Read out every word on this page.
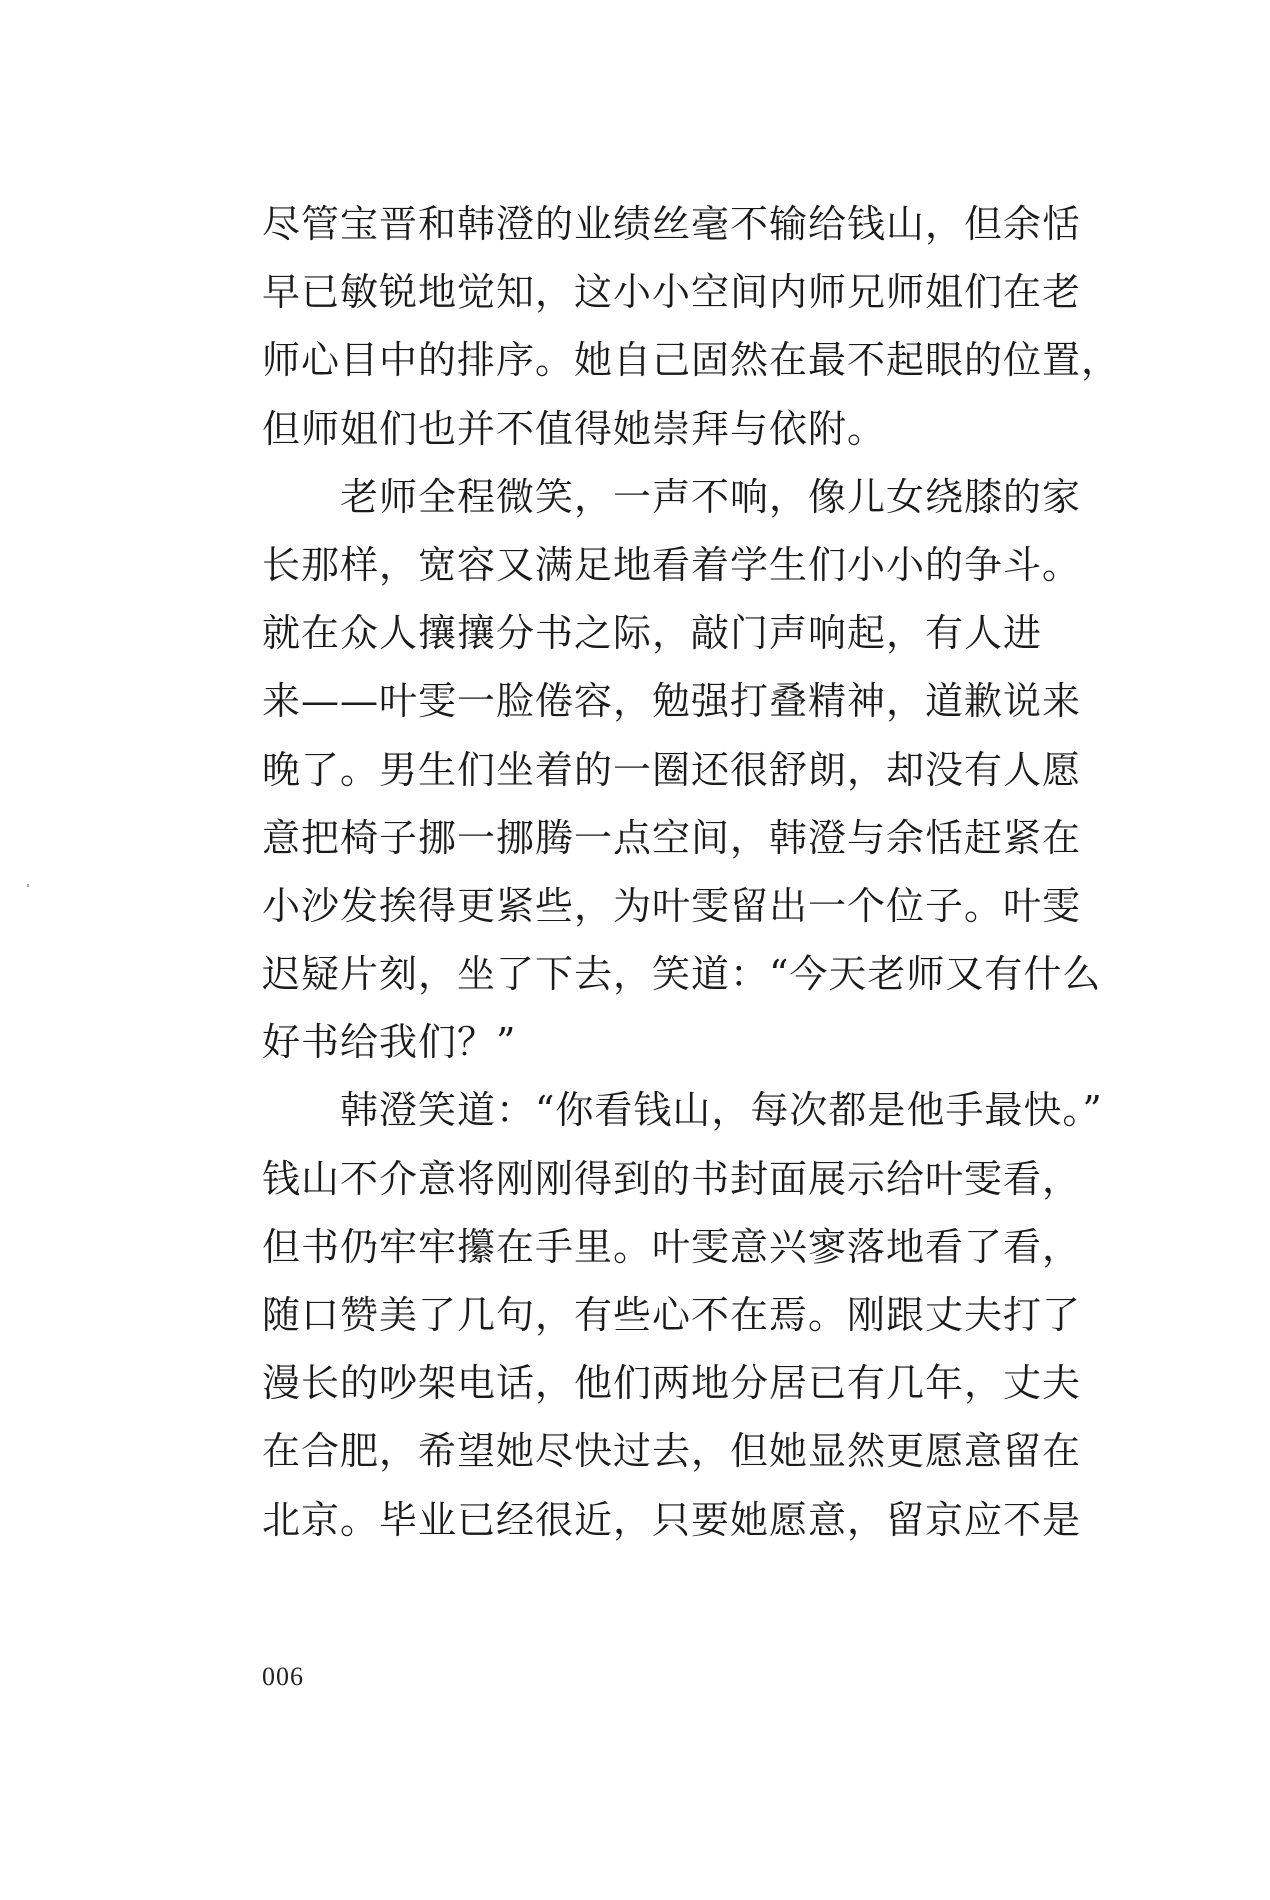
尽管宝晋和韩澄的业绩丝毫不输给钱山，但余恬
早已敏锐地觉知，这小小空间内师兄师姐们在老
师心目中的排序。她自己固然在最不起眼的位置，
但师姐们也并不值得她崇拜与依附。
　　老师全程微笑，一声不响，像儿女绕膝的家
长那样，宽容又满足地看着学生们小小的争斗。
就在众人攘攘分书之际，敲门声响起，有人进
来——叶雯一脸倦容，勉强打叠精神，道歉说来
晚了。男生们坐着的一圈还很舒朗，却没有人愿
意把椅子挪一挪腾一点空间，韩澄与余恬赶紧在
小沙发挨得更紧些，为叶雯留出一个位子。叶雯
迟疑片刻，坐了下去，笑道：“今天老师又有什么
好书给我们？”
　　韩澄笑道：“你看钱山，每次都是他手最快。”
钱山不介意将刚刚得到的书封面展示给叶雯看，
但书仍牢牢攥在手里。叶雯意兴寥落地看了看，
随口赞美了几句，有些心不在焉。刚跟丈夫打了
漫长的吵架电话，他们两地分居已有几年，丈夫
在合肥，希望她尽快过去，但她显然更愿意留在
北京。毕业已经很近，只要她愿意，留京应不是
006
